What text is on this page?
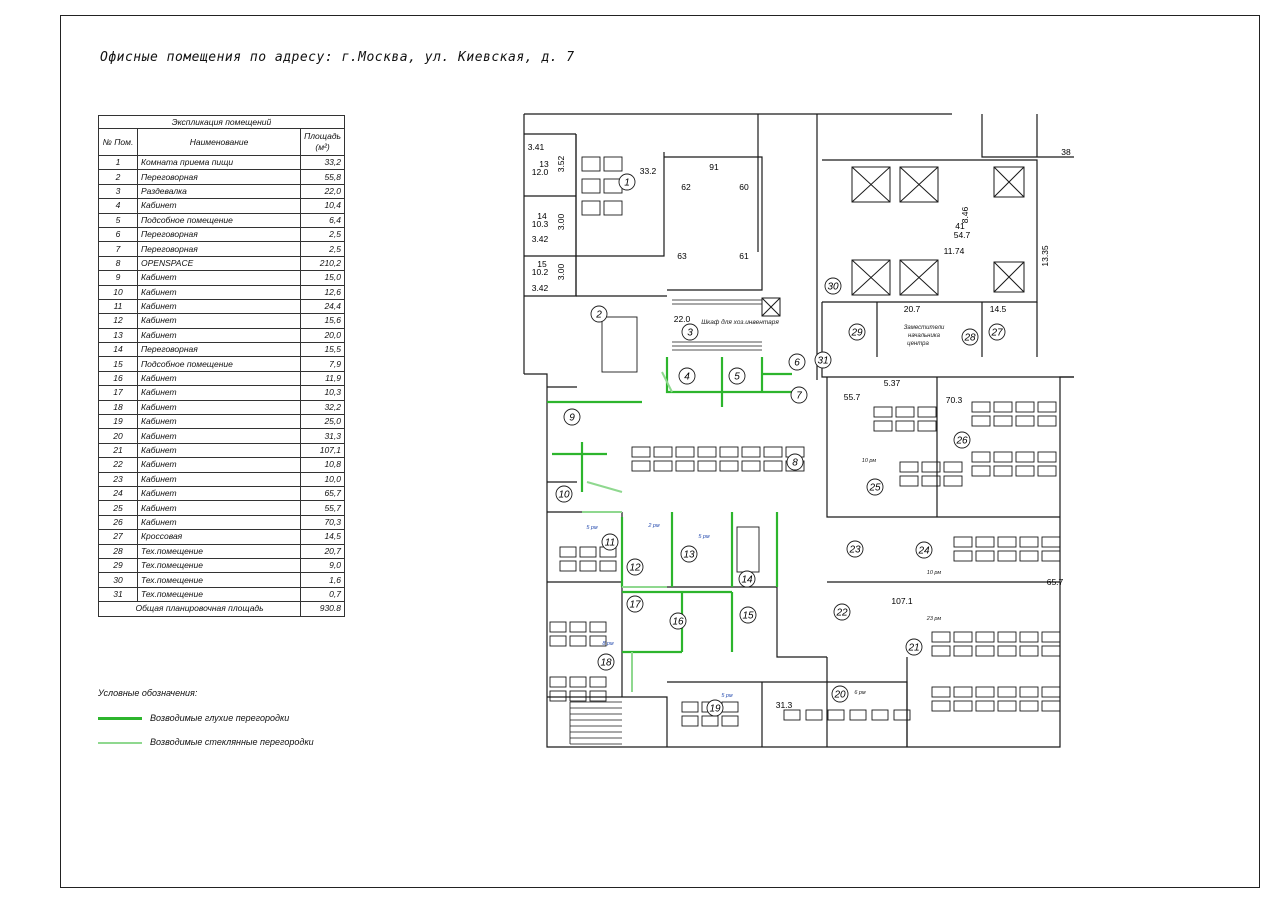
Офисные помещения по адресу: г.Москва, ул. Киевская, д. 7
Экспликация помещений		
№ Пом.	Наименование	Площадь (м²)
1	Комната приема пищи	33,2
2	Переговорная	55,8
3	Раздевалка	22,0
4	Кабинет	10,4
5	Подсобное помещение	6,4
6	Переговорная	2,5
7	Переговорная	2,5
8	OPENSPACE	210,2
9	Кабинет	15,0
10	Кабинет	12,6
11	Кабинет	24,4
12	Кабинет	15,6
13	Кабинет	20,0
14	Переговорная	15,5
15	Подсобное помещение	7,9
16	Кабинет	11,9
17	Кабинет	10,3
18	Кабинет	32,2
19	Кабинет	25,0
20	Кабинет	31,3
21	Кабинет	107,1
22	Кабинет	10,8
23	Кабинет	10,0
24	Кабинет	65,7
25	Кабинет	55,7
26	Кабинет	70,3
27	Кроссовая	14,5
28	Тех.помещение	20,7
29	Тех.помещение	9,0
30	Тех.помещение	1,6
31	Тех.помещение	0,7
Общая планировочная площадь		930.8
Условные обозначения:
Возводимые глухие перегородки
Возводимые стеклянные перегородки
3.41
13
12.0 3.52
14
10.3 3.00
3.42
15
10.2 3.00
3.42
33.2
62
91
60
63	61
38
8.46
41
54.7
11.74	13.35
20.7	14.5
22.0
5.37
55.7	70.3
65.7
107.1
31.3
1
2
3
4	5
6
7
8
9
10
11
12
13
14
15
16
17
18
19
20
21
22
23	24
25
26
27
28
29
30
31
Шкаф для хоз.инвентаря
Заместители
начальника
центра
10 рм
10 рм
23 рм
6 рм
5 рм
8 рм
5 рм	2 рм
5 рм
